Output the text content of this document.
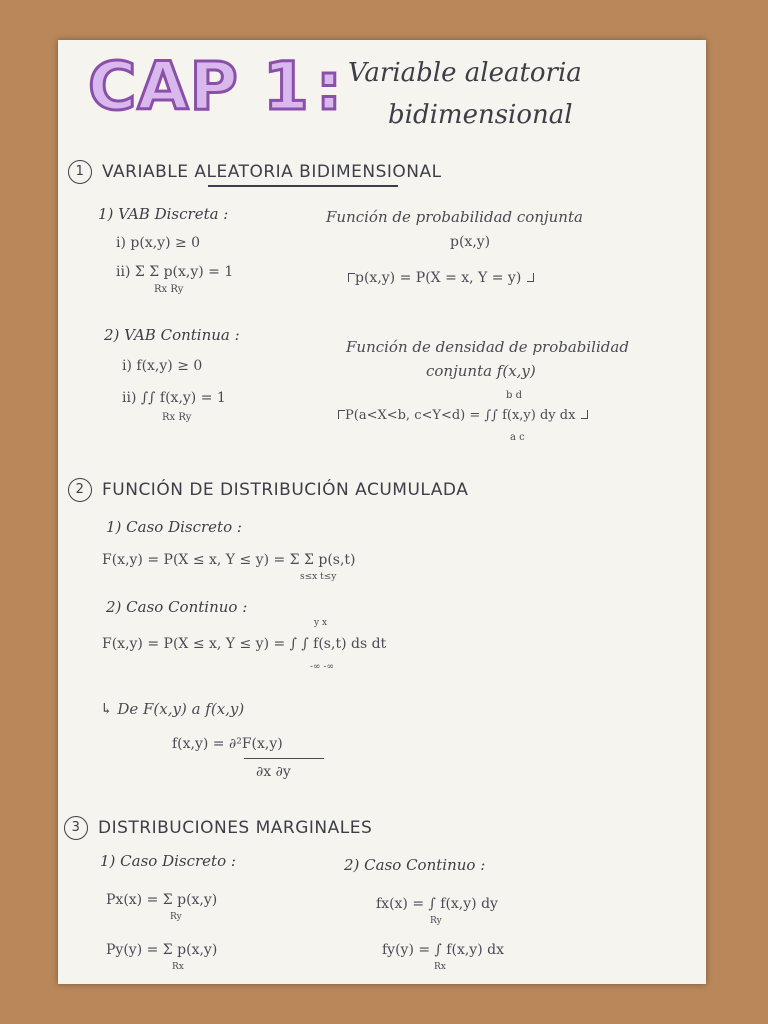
CAP 1: Variable aleatoria
bidimensional
1 VARIABLE ALEATORIA BIDIMENSIONAL
1) VAB Discreta :
i) p(x,y) ≥ 0
ii) Σ Σ p(x,y) = 1
Rx Ry
Función de probabilidad conjunta
p(x,y)
p(x,y) = P(X = x, Y = y)
2) VAB Continua :
i) f(x,y) ≥ 0
ii) ∫∫ f(x,y) = 1
Rx Ry
Función de densidad de probabilidad
conjunta f(x,y)
b d
P(a<X<b, c<Y<d) = ∫∫ f(x,y) dy dx
a c
2 FUNCIÓN DE DISTRIBUCIÓN ACUMULADA
1) Caso Discreto :
F(x,y) = P(X ≤ x, Y ≤ y) = Σ Σ p(s,t)
s≤x t≤y
2) Caso Continuo :
y x
F(x,y) = P(X ≤ x, Y ≤ y) = ∫ ∫ f(s,t) ds dt
-∞ -∞
↳ De F(x,y) a f(x,y)
f(x,y) = ∂²F(x,y)
∂x ∂y
3 DISTRIBUCIONES MARGINALES
1) Caso Discreto :	2) Caso Continuo :
Px(x) = Σ p(x,y)
Ry
fx(x) = ∫ f(x,y) dy
Ry
Py(y) = Σ p(x,y)
Rx
fy(y) = ∫ f(x,y) dx
Rx
